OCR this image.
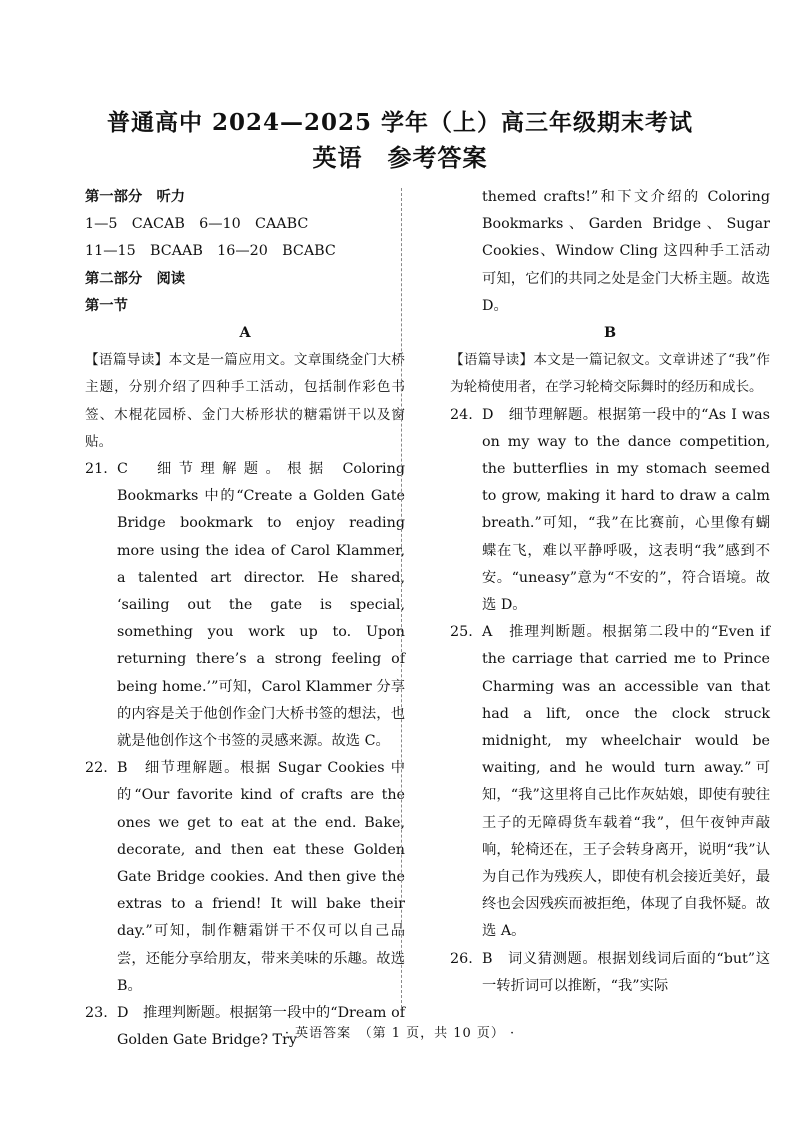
普通高中 2024—2025 学年（上）高三年级期末考试
英语　参考答案

第一部分　听力

1—5　CACAB　6—10　CAABC

11—15　BCAAB　16—20　BCABC

第二部分　阅读

第一节

A

【语篇导读】本文是一篇应用文。文章围绕金门大桥主题，分别介绍了四种手工活动，包括制作彩色书签、木棍花园桥、金门大桥形状的糖霜饼干以及窗贴。

21. C　细节理解题。根据 Coloring Bookmarks 中的“Create a Golden Gate Bridge bookmark to enjoy reading more using the idea of Carol Klammer, a talented art director. He shared, ‘sailing out the gate is special, something you work up to. Upon returning there’s a strong feeling of being home.’”可知，Carol Klammer 分享的内容是关于他创作金门大桥书签的想法，也就是他创作这个书签的灵感来源。故选 C。
22. B　细节理解题。根据 Sugar Cookies 中的“Our favorite kind of crafts are the ones we get to eat at the end. Bake, decorate, and then eat these Golden Gate Bridge cookies. And then give the extras to a friend! It will bake their day.”可知，制作糖霜饼干不仅可以自己品尝，还能分享给朋友，带来美味的乐趣。故选 B。
23. D　推理判断题。根据第一段中的“Dream of Golden Gate Bridge? Try

themed crafts!”和下文介绍的 Coloring Bookmarks、Garden Bridge、Sugar Cookies、Window Cling 这四种手工活动可知，它们的共同之处是金门大桥主题。故选 D。

B

【语篇导读】本文是一篇记叙文。文章讲述了“我”作为轮椅使用者，在学习轮椅交际舞时的经历和成长。

24. D　细节理解题。根据第一段中的“As I was on my way to the dance competition, the butterflies in my stomach seemed to grow, making it hard to draw a calm breath.”可知，“我”在比赛前，心里像有蝴蝶在飞，难以平静呼吸，这表明“我”感到不安。“uneasy”意为“不安的”，符合语境。故选 D。
25. A　推理判断题。根据第二段中的“Even if the carriage that carried me to Prince Charming was an accessible van that had a lift, once the clock struck midnight, my wheelchair would be waiting, and he would turn away.”可知，“我”这里将自己比作灰姑娘，即使有驶往王子的无障碍货车载着“我”，但午夜钟声敲响，轮椅还在，王子会转身离开，说明“我”认为自己作为残疾人，即使有机会接近美好，最终也会因残疾而被拒绝，体现了自我怀疑。故选 A。
26. B　词义猜测题。根据划线词后面的“but”这一转折词可以推断，“我”实际
· 英语答案　（第 1 页，共 10 页） ·
